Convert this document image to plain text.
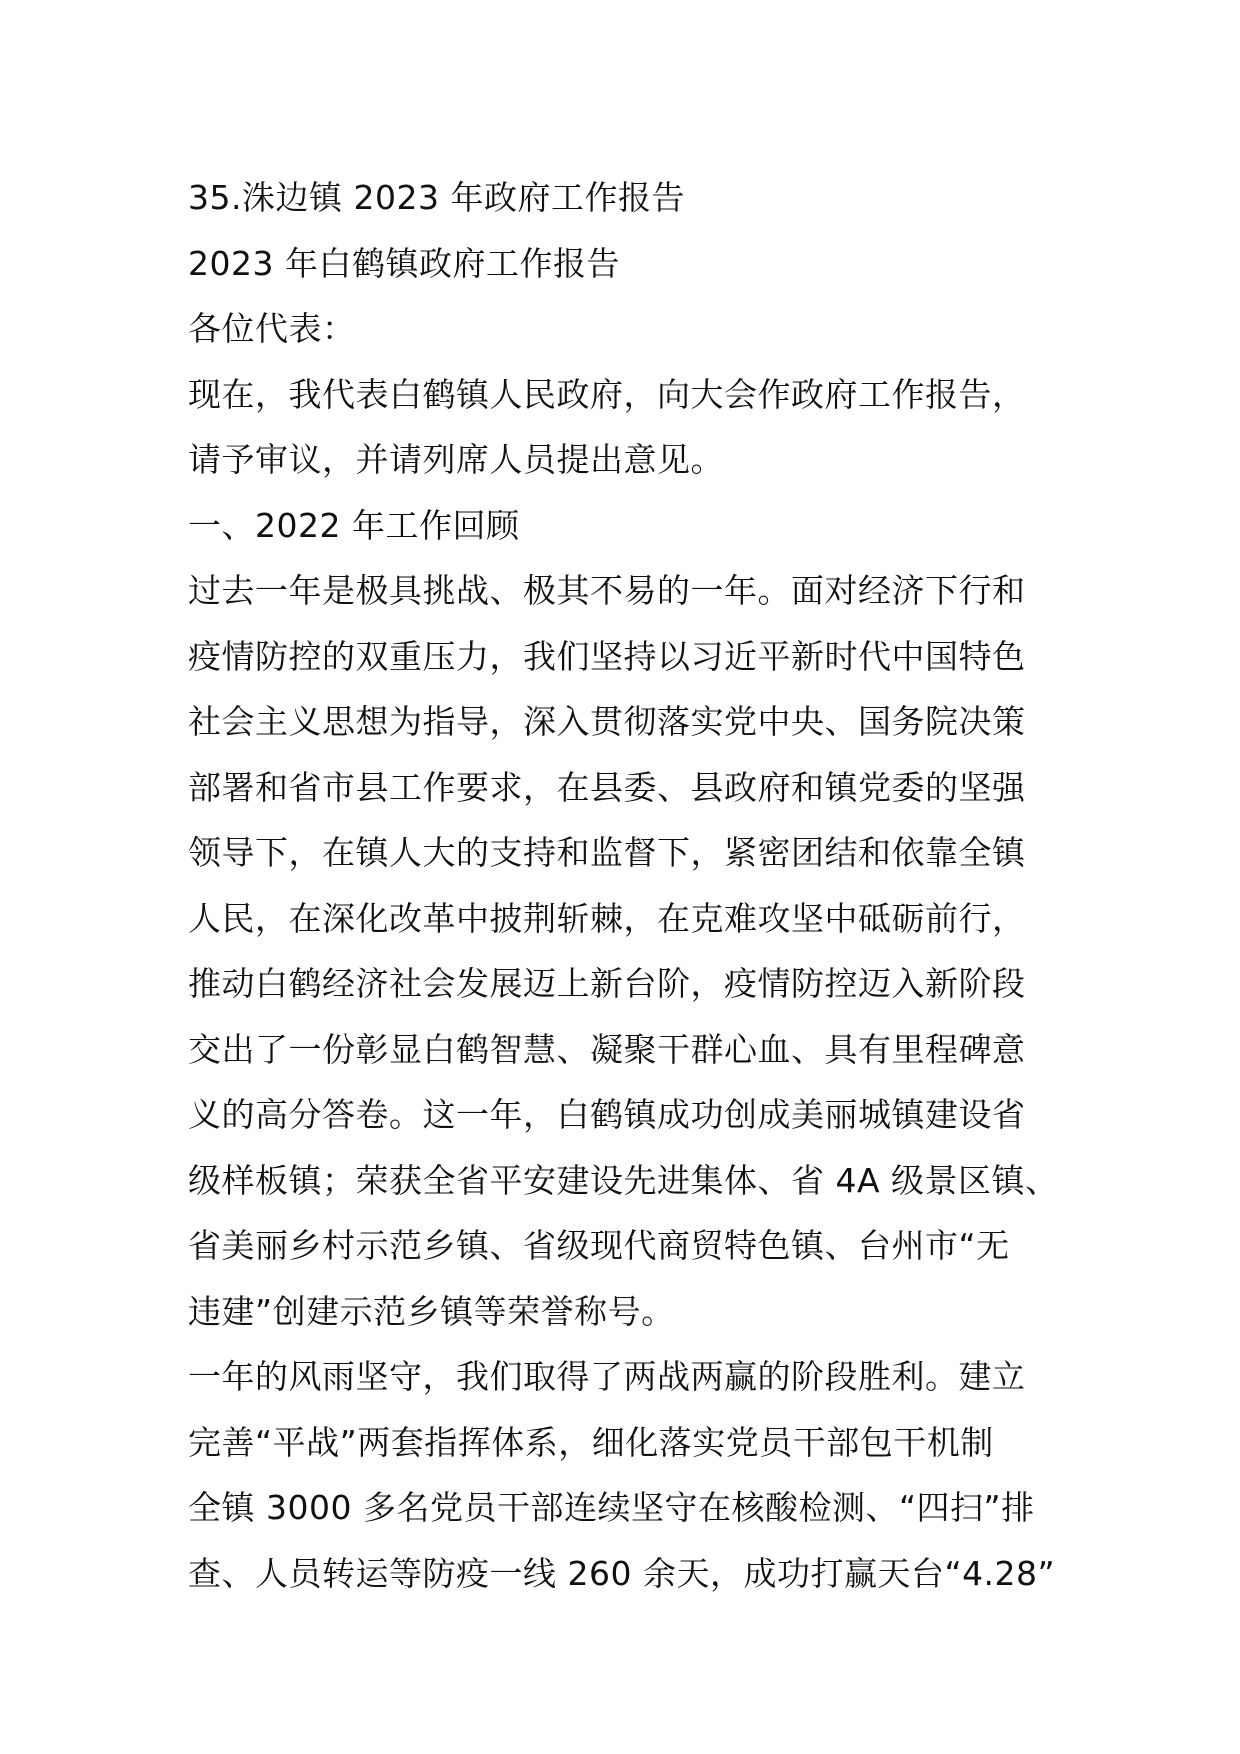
35.洙边镇 2023 年政府工作报告
2023 年白鹤镇政府工作报告
各位代表：
现在，我代表白鹤镇人民政府，向大会作政府工作报告，
请予审议，并请列席人员提出意见。
一、2022 年工作回顾
过去一年是极具挑战、极其不易的一年。面对经济下行和
疫情防控的双重压力，我们坚持以习近平新时代中国特色
社会主义思想为指导，深入贯彻落实党中央、国务院决策
部署和省市县工作要求，在县委、县政府和镇党委的坚强
领导下，在镇人大的支持和监督下，紧密团结和依靠全镇
人民，在深化改革中披荆斩棘，在克难攻坚中砥砺前行，
推动白鹤经济社会发展迈上新台阶，疫情防控迈入新阶段
交出了一份彰显白鹤智慧、凝聚干群心血、具有里程碑意
义的高分答卷。这一年，白鹤镇成功创成美丽城镇建设省
级样板镇；荣获全省平安建设先进集体、省 4A 级景区镇、
省美丽乡村示范乡镇、省级现代商贸特色镇、台州市“无
违建”创建示范乡镇等荣誉称号。
一年的风雨坚守，我们取得了两战两赢的阶段胜利。建立
完善“平战”两套指挥体系，细化落实党员干部包干机制
全镇 3000 多名党员干部连续坚守在核酸检测、“四扫”排
查、人员转运等防疫一线 260 余天，成功打赢天台“4.28”
